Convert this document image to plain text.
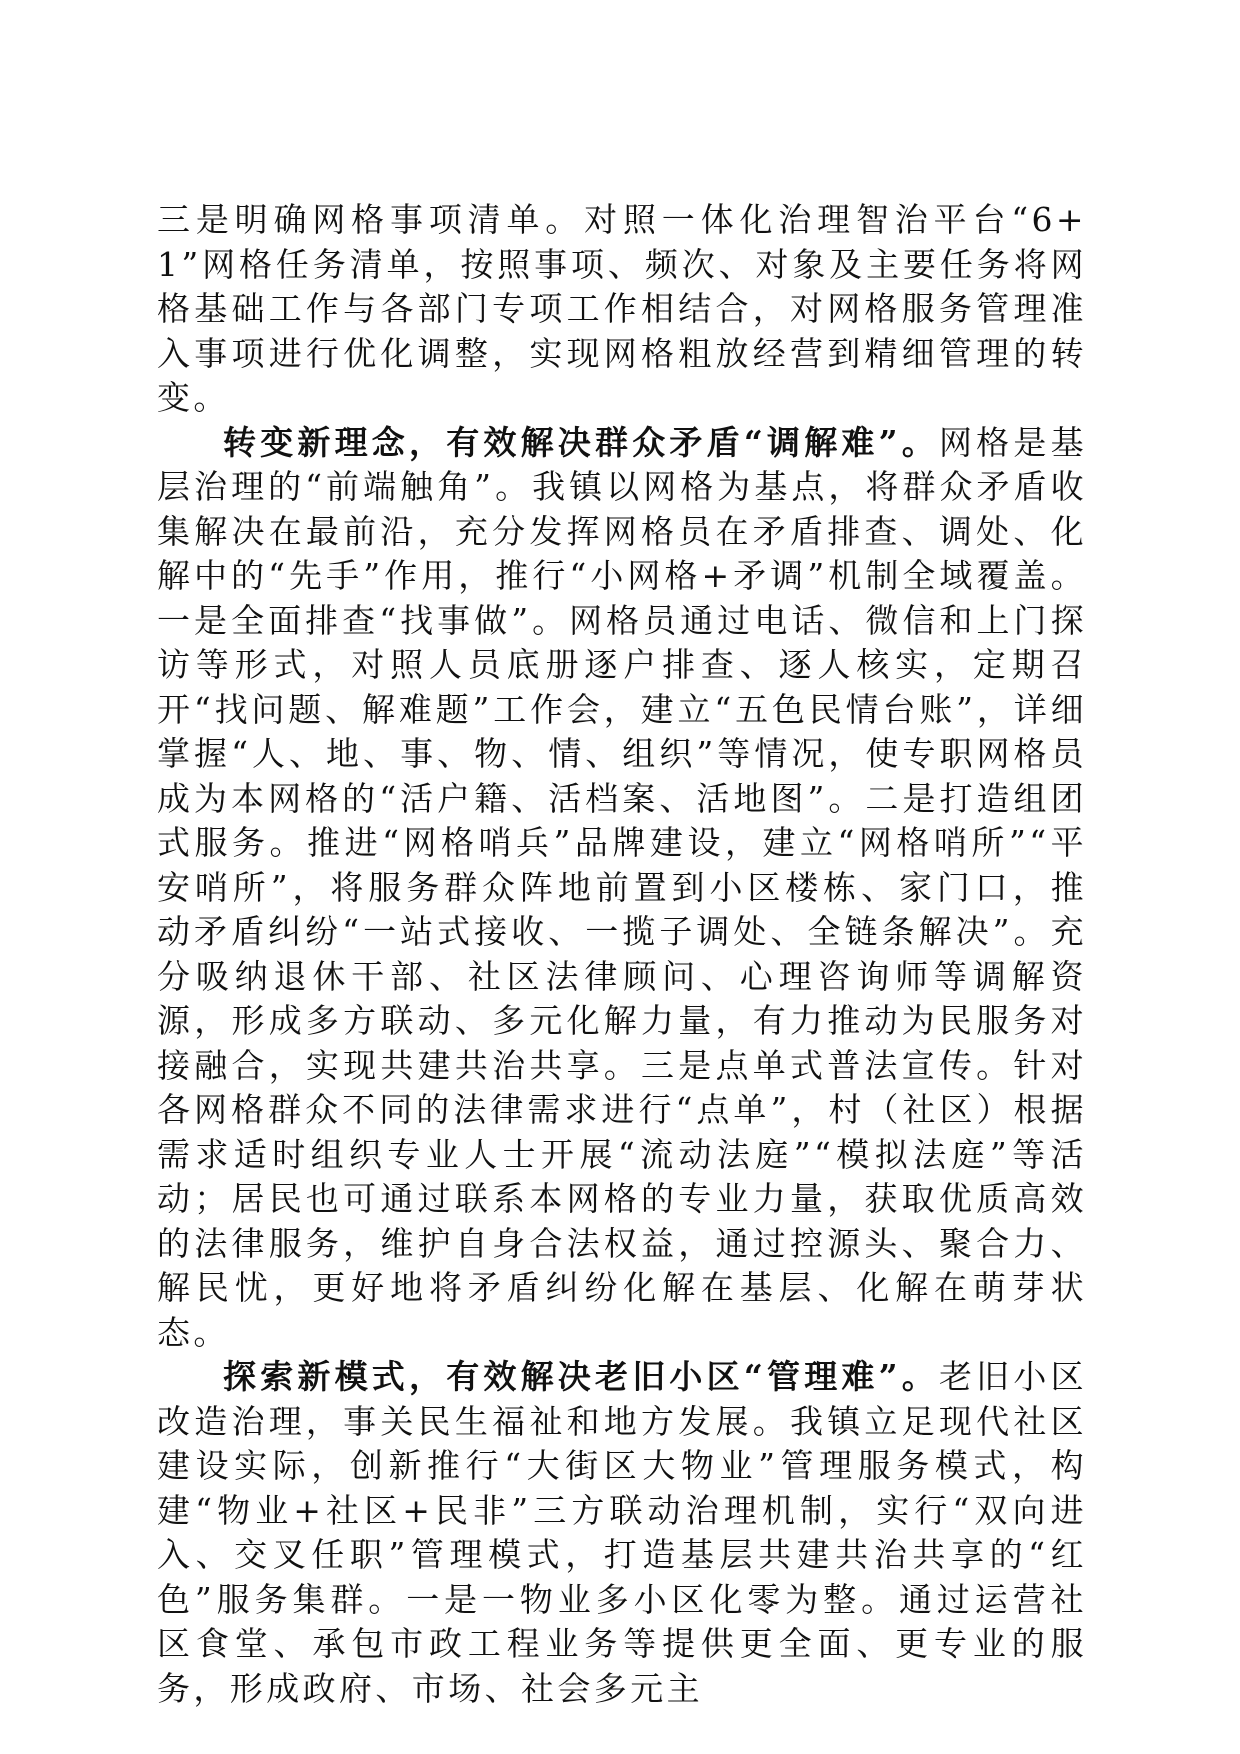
三是明确网格事项清单。对照一体化治理智治平台“6+1”网格任务清单，按照事项、频次、对象及主要任务将网格基础工作与各部门专项工作相结合，对网格服务管理准入事项进行优化调整，实现网格粗放经营到精细管理的转变。

转变新理念，有效解决群众矛盾“调解难”。网格是基层治理的“前端触角”。我镇以网格为基点，将群众矛盾收集解决在最前沿，充分发挥网格员在矛盾排查、调处、化解中的“先手”作用，推行“小网格+矛调”机制全域覆盖。一是全面排查“找事做”。网格员通过电话、微信和上门探访等形式，对照人员底册逐户排查、逐人核实，定期召开“找问题、解难题”工作会，建立“五色民情台账”，详细掌握“人、地、事、物、情、组织”等情况，使专职网格员成为本网格的“活户籍、活档案、活地图”。二是打造组团式服务。推进“网格哨兵”品牌建设，建立“网格哨所”“平安哨所”，将服务群众阵地前置到小区楼栋、家门口，推动矛盾纠纷“一站式接收、一揽子调处、全链条解决”。充分吸纳退休干部、社区法律顾问、心理咨询师等调解资源，形成多方联动、多元化解力量，有力推动为民服务对接融合，实现共建共治共享。三是点单式普法宣传。针对各网格群众不同的法律需求进行“点单”，村（社区）根据需求适时组织专业人士开展“流动法庭”“模拟法庭”等活动；居民也可通过联系本网格的专业力量，获取优质高效的法律服务，维护自身合法权益，通过控源头、聚合力、解民忧，更好地将矛盾纠纷化解在基层、化解在萌芽状态。

探索新模式，有效解决老旧小区“管理难”。老旧小区改造治理，事关民生福祉和地方发展。我镇立足现代社区建设实际，创新推行“大街区大物业”管理服务模式，构建“物业+社区+民非”三方联动治理机制，实行“双向进入、交叉任职”管理模式，打造基层共建共治共享的“红色”服务集群。一是一物业多小区化零为整。通过运营社区食堂、承包市政工程业务等提供更全面、更专业的服务，形成政府、市场、社会多元主
